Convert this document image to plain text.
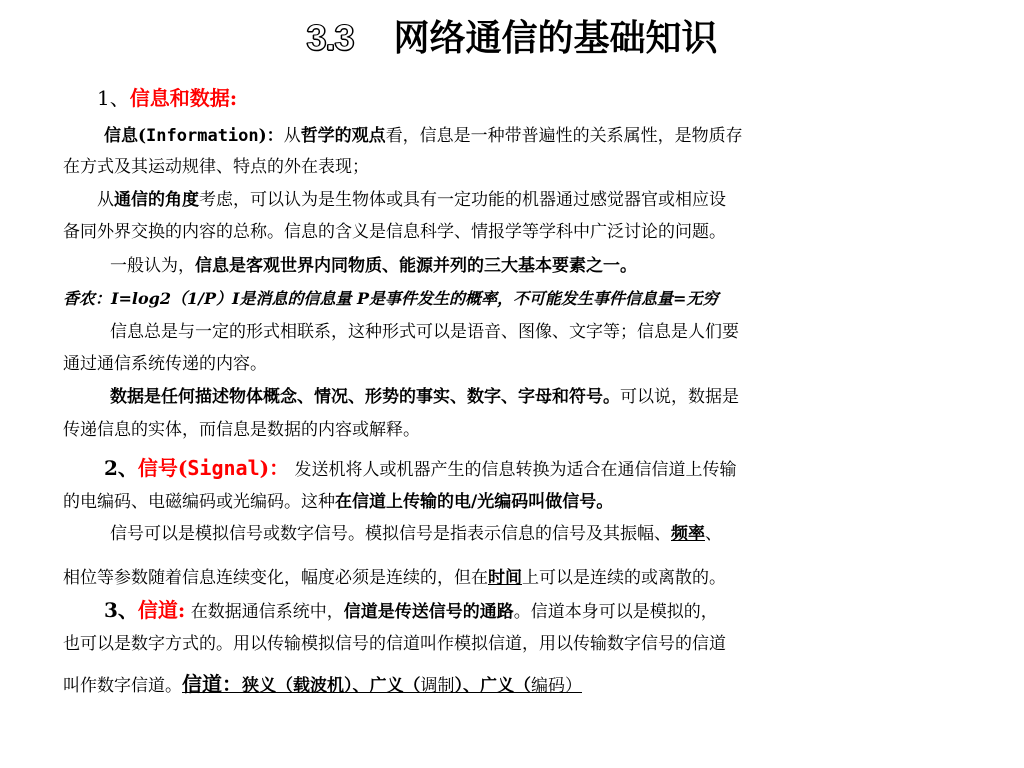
3.3 网络通信的基础知识
1、信息和数据:
信息(Information)：从哲学的观点看，信息是一种带普遍性的关系属性，是物质存
在方式及其运动规律、特点的外在表现；
从通信的角度考虑，可以认为是生物体或具有一定功能的机器通过感觉器官或相应设
备同外界交换的内容的总称。信息的含义是信息科学、情报学等学科中广泛讨论的问题。
一般认为，信息是客观世界内同物质、能源并列的三大基本要素之一。
香农：I=log2（1/P）I是消息的信息量 P是事件发生的概率，不可能发生事件信息量=无穷
信息总是与一定的形式相联系，这种形式可以是语音、图像、文字等；信息是人们要
通过通信系统传递的内容。
数据是任何描述物体概念、情况、形势的事实、数字、字母和符号。可以说，数据是
传递信息的实体，而信息是数据的内容或解释。
2、信号(Signal)： 发送机将人或机器产生的信息转换为适合在通信信道上传输
的电编码、电磁编码或光编码。这种在信道上传输的电/光编码叫做信号。
信号可以是模拟信号或数字信号。模拟信号是指表示信息的信号及其振幅、频率、
相位等参数随着信息连续变化，幅度必须是连续的，但在时间上可以是连续的或离散的。
3、信道: 在数据通信系统中，信道是传送信号的通路。信道本身可以是模拟的，
也可以是数字方式的。用以传输模拟信号的信道叫作模拟信道，用以传输数字信号的信道
叫作数字信道。信道：狭义（载波机）、广义（调制）、广义（编码）
